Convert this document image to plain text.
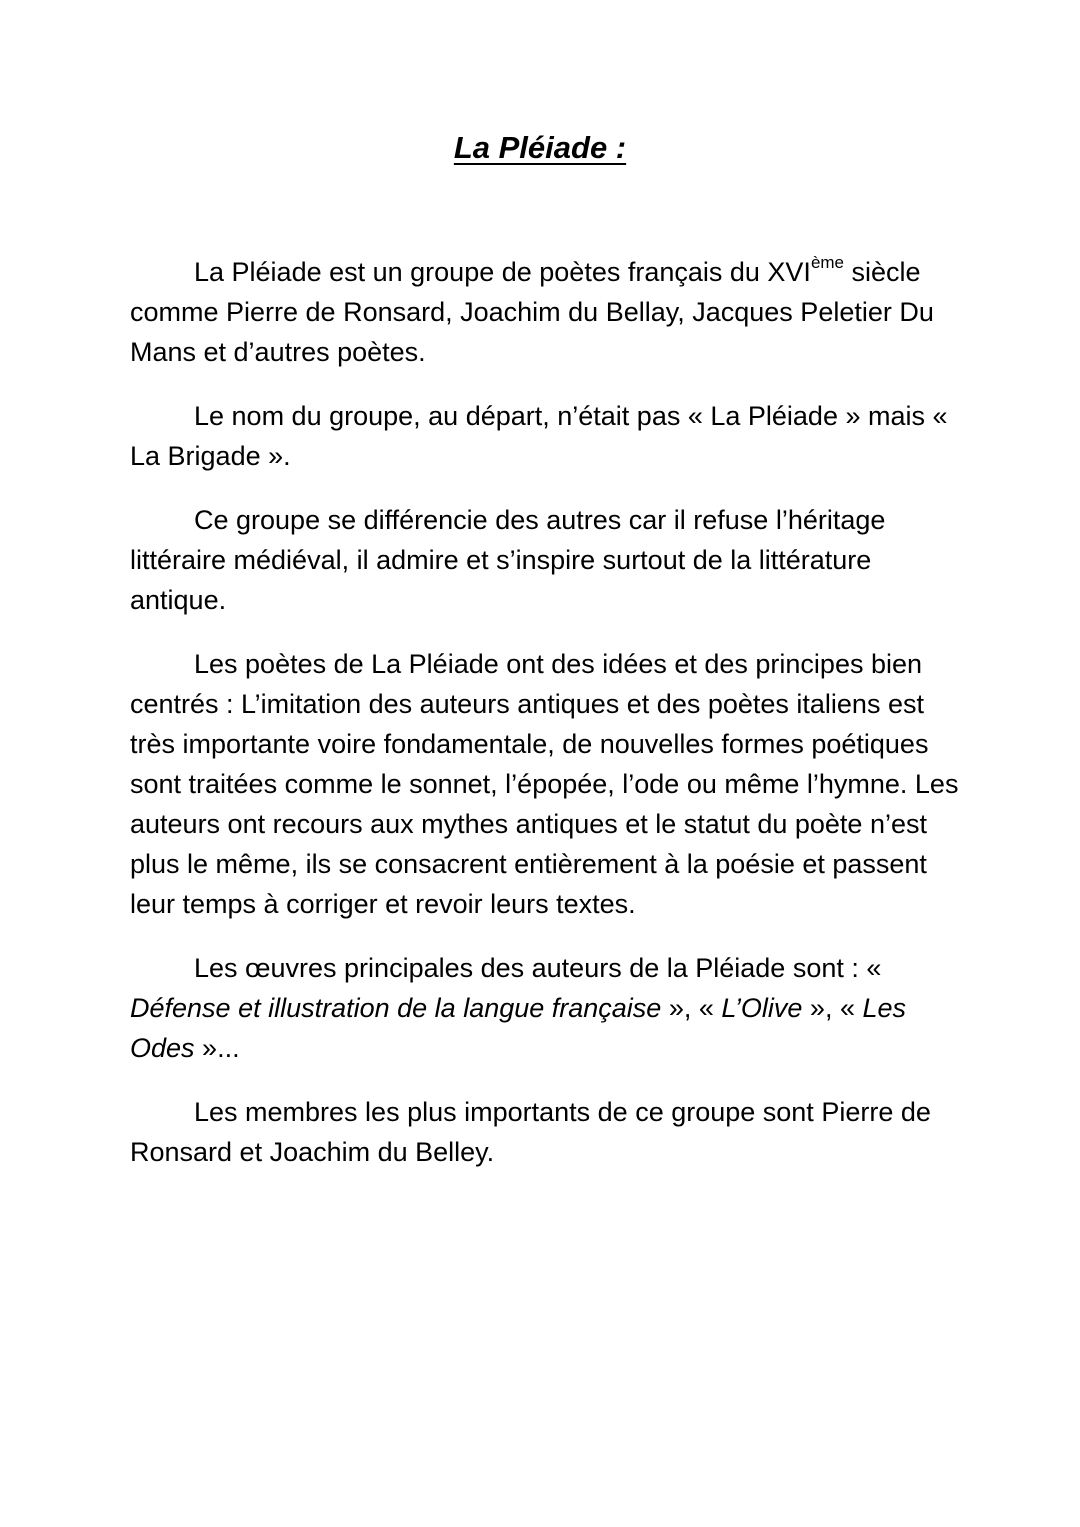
La Pléiade :

La Pléiade est un groupe de poètes français du XVIème siècle comme Pierre de Ronsard, Joachim du Bellay, Jacques Peletier Du Mans et d’autres poètes.

Le nom du groupe, au départ, n’était pas « La Pléiade » mais « La Brigade ».

Ce groupe se différencie des autres car il refuse l’héritage littéraire médiéval, il admire et s’inspire surtout de la littérature antique.

Les poètes de La Pléiade ont des idées et des principes bien centrés : L’imitation des auteurs antiques et des poètes italiens est très importante voire fondamentale, de nouvelles formes poétiques sont traitées comme le sonnet, l’épopée, l’ode ou même l’hymne. Les auteurs ont recours aux mythes antiques et le statut du poète n’est plus le même, ils se consacrent entièrement à la poésie et passent leur temps à corriger et revoir leurs textes.

Les œuvres principales des auteurs de la Pléiade sont : « Défense et illustration de la langue française », « L’Olive », « Les Odes »...

Les membres les plus importants de ce groupe sont Pierre de Ronsard et Joachim du Belley.
